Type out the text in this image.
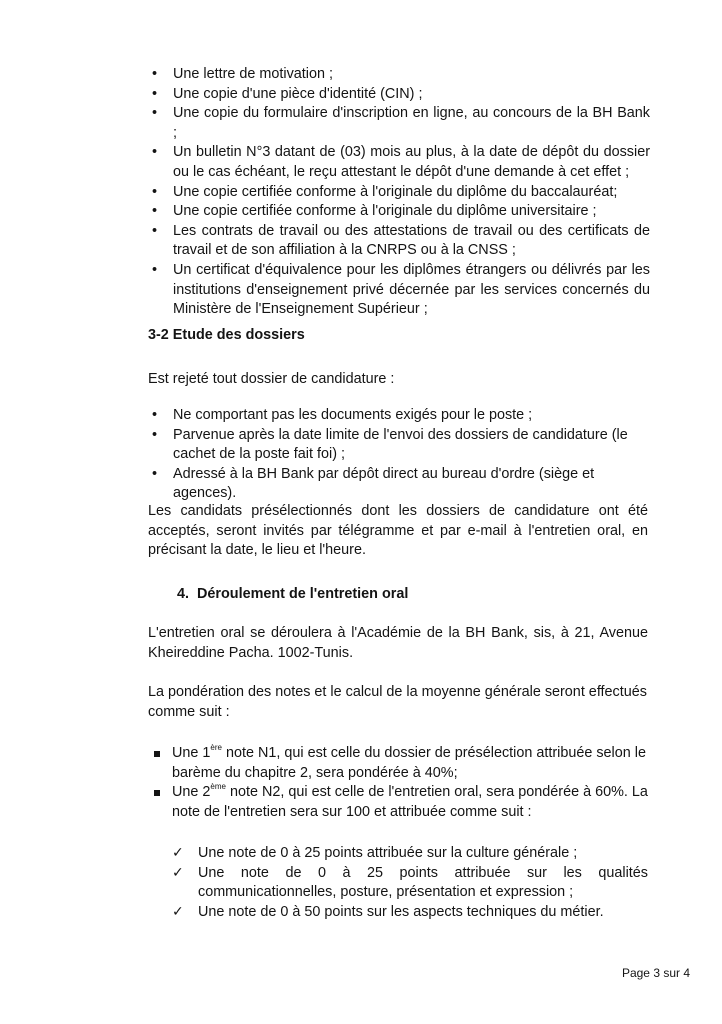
• Une lettre de motivation ;
• Une copie d'une pièce d'identité (CIN) ;
• Une copie du formulaire d'inscription en ligne, au concours de la BH Bank ;
• Un bulletin N°3 datant de (03) mois au plus, à la date de dépôt du dossier ou le cas échéant, le reçu attestant le dépôt d'une demande à cet effet ;
• Une copie certifiée conforme à l'originale du diplôme du baccalauréat;
• Une copie certifiée conforme à l'originale du diplôme universitaire ;
• Les contrats de travail ou des attestations de travail ou des certificats de travail et de son affiliation à la CNRPS ou à la CNSS ;
• Un certificat d'équivalence pour les diplômes étrangers ou délivrés par les institutions d'enseignement privé décernée par les services concernés du Ministère de l'Enseignement Supérieur ;
3-2 Etude des dossiers
Est rejeté tout dossier de candidature :
• Ne comportant pas les documents exigés pour le poste ;
• Parvenue après la date limite de l'envoi des dossiers de candidature (le cachet de la poste fait foi) ;
• Adressé à la BH Bank par dépôt direct au bureau d'ordre (siège et agences).
Les candidats présélectionnés dont les dossiers de candidature ont été acceptés, seront invités par télégramme et par e-mail à l'entretien oral, en précisant la date, le lieu et l'heure.
4. Déroulement de l'entretien oral
L'entretien oral se déroulera à l'Académie de la BH Bank, sis, à 21, Avenue Kheireddine Pacha. 1002-Tunis.
La pondération des notes et le calcul de la moyenne générale seront effectués comme suit :
Une 1ère note N1, qui est celle du dossier de présélection attribuée selon le barème du chapitre 2, sera pondérée à 40%;
Une 2ème note N2, qui est celle de l'entretien oral, sera pondérée à 60%. La note de l'entretien sera sur 100 et attribuée comme suit :
✓ Une note de 0 à 25 points attribuée sur la culture générale ;
✓ Une note de 0 à 25 points attribuée sur les qualités communicationnelles, posture, présentation et expression ;
✓ Une note de 0 à 50 points sur les aspects techniques du métier.
Page 3 sur 4
